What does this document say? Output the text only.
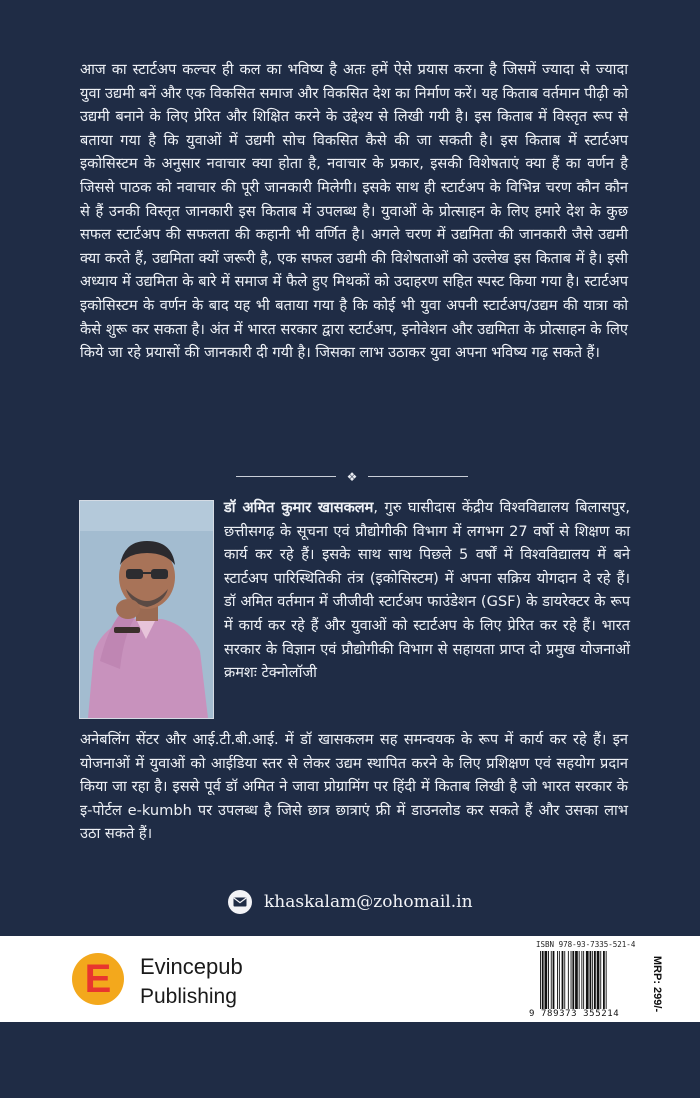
आज का स्टार्टअप कल्चर ही कल का भविष्य है अतः हमें ऐसे प्रयास करना है जिसमें ज्यादा से ज्यादा युवा उद्यमी बनें और एक विकसित समाज और विकसित देश का निर्माण करें। यह किताब वर्तमान पीढ़ी को उद्यमी बनाने के लिए प्रेरित और शिक्षित करने के उद्देश्य से लिखी गयी है। इस किताब में विस्तृत रूप से बताया गया है कि युवाओं में उद्यमी सोच विकसित कैसे की जा सकती है। इस किताब में स्टार्टअप इकोसिस्टम के अनुसार नवाचार क्या होता है, नवाचार के प्रकार, इसकी विशेषताएं क्या हैं का वर्णन है जिससे पाठक को नवाचार की पूरी जानकारी मिलेगी। इसके साथ ही स्टार्टअप के विभिन्न चरण कौन कौन से हैं उनकी विस्तृत जानकारी इस किताब में उपलब्ध है। युवाओं के प्रोत्साहन के लिए हमारे देश के कुछ सफल स्टार्टअप की सफलता की कहानी भी वर्णित है। अगले चरण में उद्यमिता की जानकारी जैसे उद्यमी क्या करते हैं, उद्यमिता क्यों जरूरी है, एक सफल उद्यमी की विशेषताओं को उल्लेख इस किताब में है। इसी अध्याय में उद्यमिता के बारे में समाज में फैले हुए मिथकों को उदाहरण सहित स्पस्ट किया गया है। स्टार्टअप इकोसिस्टम के वर्णन के बाद यह भी बताया गया है कि कोई भी युवा अपनी स्टार्टअप/उद्यम की यात्रा को कैसे शुरू कर सकता है। अंत में भारत सरकार द्वारा स्टार्टअप, इनोवेशन और उद्यमिता के प्रोत्साहन के लिए किये जा रहे प्रयासों की जानकारी दी गयी है। जिसका लाभ उठाकर युवा अपना भविष्य गढ़ सकते हैं।

❖

डॉ अमित कुमार खासकलम, गुरु घासीदास केंद्रीय विश्वविद्यालय बिलासपुर, छत्तीसगढ़ के सूचना एवं प्रौद्योगीकी विभाग में लगभग 27 वर्षो से शिक्षण का कार्य कर रहे हैं। इसके साथ साथ पिछले 5 वर्षों में विश्वविद्यालय में बने स्टार्टअप पारिस्थितिकी तंत्र (इकोसिस्टम) में अपना सक्रिय योगदान दे रहे हैं। डॉ अमित वर्तमान में जीजीवी स्टार्टअप फाउंडेशन (GSF) के डायरेक्टर के रूप में कार्य कर रहे हैं और युवाओं को स्टार्टअप के लिए प्रेरित कर रहे हैं। भारत सरकार के विज्ञान एवं प्रौद्योगीकी विभाग से सहायता प्राप्त दो प्रमुख योजनाओं क्रमशः टेक्नोलॉजी

अनेबलिंग सेंटर और आई.टी.बी.आई. में डॉ खासकलम सह समन्वयक के रूप में कार्य कर रहे हैं। इन योजनाओं में युवाओं को आईडिया स्तर से लेकर उद्यम स्थापित करने के लिए प्रशिक्षण एवं सहयोग प्रदान किया जा रहा है। इससे पूर्व डॉ अमित ने जावा प्रोग्रामिंग पर हिंदी में किताब लिखी है जो भारत सरकार के इ-पोर्टल e-kumbh पर उपलब्ध है जिसे छात्र छात्राएं फ्री में डाउनलोड कर सकते हैं और उसका लाभ उठा सकते हैं।

khaskalam@zohomail.in
E Evincepub
Publishing
ISBN 978-93-7335-521-4
9 789373 355214
MRP: 299/-
